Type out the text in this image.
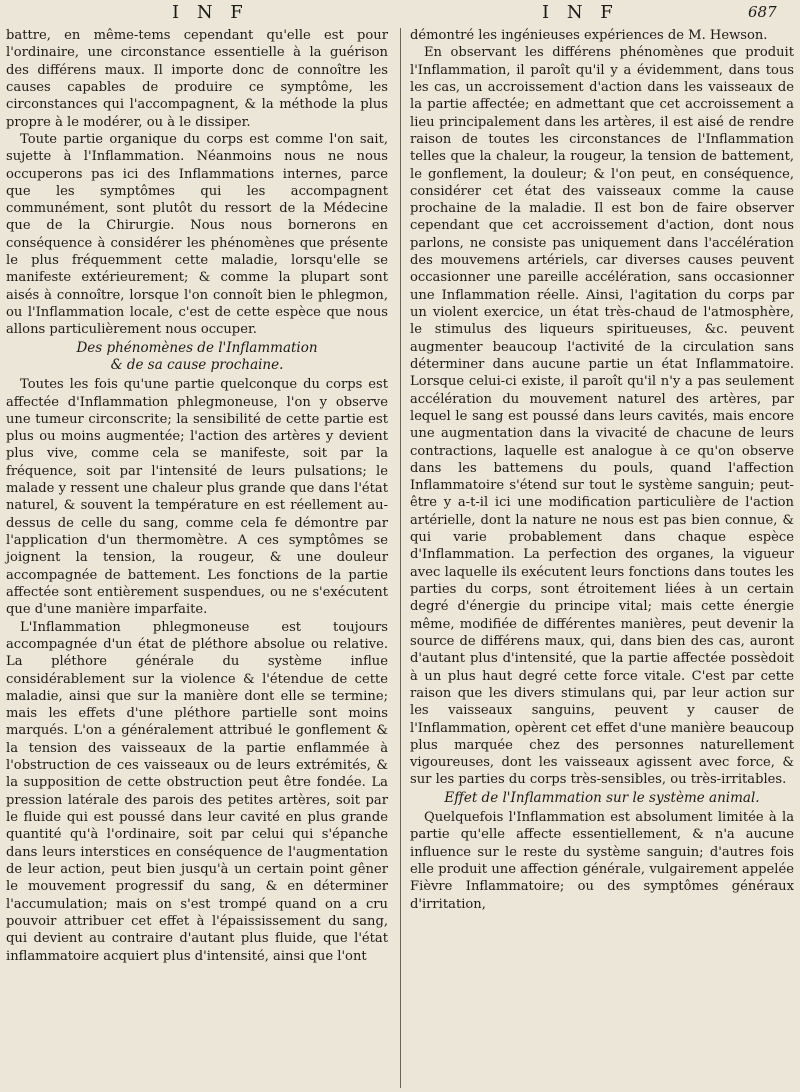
I N F	I N F	687

battre, en même-tems cependant qu'elle est pour l'ordinaire, une circonstance essentielle à la guérison des différens maux. Il importe donc de connoître les causes capables de produire ce symptôme, les circonstances qui l'accompagnent, & la méthode la plus propre à le modérer, ou à le dissiper.

Toute partie organique du corps est comme l'on sait, sujette à l'Inflammation. Néanmoins nous ne nous occuperons pas ici des Inflammations internes, parce que les symptômes qui les accompagnent communément, sont plutôt du ressort de la Médecine que de la Chirurgie. Nous nous bornerons en conséquence à considérer les phénomènes que présente le plus fréquemment cette maladie, lorsqu'elle se manifeste extérieurement; & comme la plupart sont aisés à connoître, lorsque l'on connoît bien le phlegmon, ou l'Inflammation locale, c'est de cette espèce que nous allons particulièrement nous occuper.

Des phénomènes de l'Inflammation
& de sa cause prochaine.

Toutes les fois qu'une partie quelconque du corps est affectée d'Inflammation phlegmoneuse, l'on y observe une tumeur circonscrite; la sensibilité de cette partie est plus ou moins augmentée; l'action des artères y devient plus vive, comme cela se manifeste, soit par la fréquence, soit par l'intensité de leurs pulsations; le malade y ressent une chaleur plus grande que dans l'état naturel, & souvent la température en est réellement au-dessus de celle du sang, comme cela fe démontre par l'application d'un thermomètre. A ces symptômes se joignent la tension, la rougeur, & une douleur accompagnée de battement. Les fonctions de la partie affectée sont entièrement suspendues, ou ne s'exécutent que d'une manière imparfaite.

L'Inflammation phlegmoneuse est toujours accompagnée d'un état de pléthore absolue ou relative. La pléthore générale du système influe considérablement sur la violence & l'étendue de cette maladie, ainsi que sur la manière dont elle se termine; mais les effets d'une pléthore partielle sont moins marqués. L'on a généralement attribué le gonflement & la tension des vaisseaux de la partie enflammée à l'obstruction de ces vaisseaux ou de leurs extrémités, & la supposition de cette obstruction peut être fondée. La pression latérale des parois des petites artères, soit par le fluide qui est poussé dans leur cavité en plus grande quantité qu'à l'ordinaire, soit par celui qui s'épanche dans leurs interstices en conséquence de l'augmentation de leur action, peut bien jusqu'à un certain point gêner le mouvement progressif du sang, & en déterminer l'accumulation; mais on s'est trompé quand on a cru pouvoir attribuer cet effet à l'épaississement du sang, qui devient au contraire d'autant plus fluide, que l'état inflammatoire acquiert plus d'intensité, ainsi que l'ont

démontré les ingénieuses expériences de M. Hewson.

En observant les différens phénomènes que produit l'Inflammation, il paroît qu'il y a évidemment, dans tous les cas, un accroissement d'action dans les vaisseaux de la partie affectée; en admettant que cet accroissement a lieu principalement dans les artères, il est aisé de rendre raison de toutes les circonstances de l'Inflammation telles que la chaleur, la rougeur, la tension de battement, le gonflement, la douleur; & l'on peut, en conséquence, considérer cet état des vaisseaux comme la cause prochaine de la maladie. Il est bon de faire observer cependant que cet accroissement d'action, dont nous parlons, ne consiste pas uniquement dans l'accélération des mouvemens artériels, car diverses causes peuvent occasionner une pareille accélération, sans occasionner une Inflammation réelle. Ainsi, l'agitation du corps par un violent exercice, un état très-chaud de l'atmosphère, le stimulus des liqueurs spiritueuses, &c. peuvent augmenter beaucoup l'activité de la circulation sans déterminer dans aucune partie un état Inflammatoire. Lorsque celui-ci existe, il paroît qu'il n'y a pas seulement accélération du mouvement naturel des artères, par lequel le sang est poussé dans leurs cavités, mais encore une augmentation dans la vivacité de chacune de leurs contractions, laquelle est analogue à ce qu'on observe dans les battemens du pouls, quand l'affection Inflammatoire s'étend sur tout le système sanguin; peut-être y a-t-il ici une modification particulière de l'action artérielle, dont la nature ne nous est pas bien connue, & qui varie probablement dans chaque espèce d'Inflammation. La perfection des organes, la vigueur avec laquelle ils exécutent leurs fonctions dans toutes les parties du corps, sont étroitement liées à un certain degré d'énergie du principe vital; mais cette énergie même, modifiée de différentes manières, peut devenir la source de différens maux, qui, dans bien des cas, auront d'autant plus d'intensité, que la partie affectée possèdoit à un plus haut degré cette force vitale. C'est par cette raison que les divers stimulans qui, par leur action sur les vaisseaux sanguins, peuvent y causer de l'Inflammation, opèrent cet effet d'une manière beaucoup plus marquée chez des personnes naturellement vigoureuses, dont les vaisseaux agissent avec force, & sur les parties du corps très-sensibles, ou très-irritables.

Effet de l'Inflammation sur le système animal.

Quelquefois l'Inflammation est absolument limitée à la partie qu'elle affecte essentiellement, & n'a aucune influence sur le reste du système sanguin; d'autres fois elle produit une affection générale, vulgairement appelée Fièvre Inflammatoire; ou des symptômes généraux d'irritation,
